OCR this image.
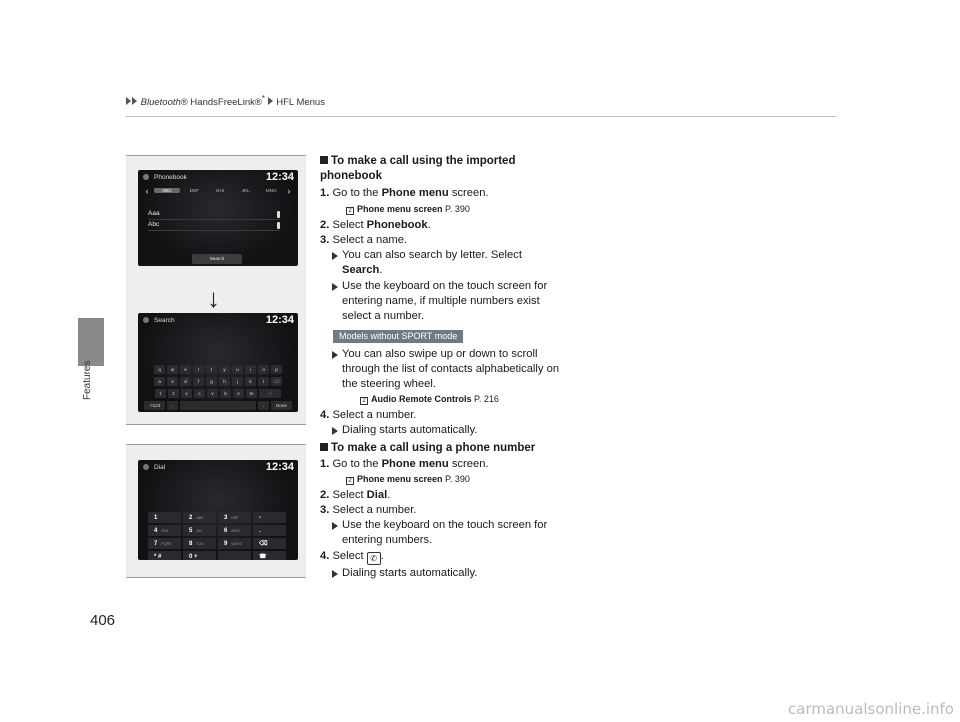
Bluetooth® HandsFreeLink®* HFL Menus
Features
406
Phonebook	12:34
‹	ABC	DEF	GHI	JKL	MNO	›
Aaa
Abc
Search
↓
Search	12:34
q	w	e	r	t	y	u	i	o	p
a	s	d	f	g	h	j	k	l	⌫
⇧	z	x	c	v	b	n	m	⏎
.?123	,	.	Done
Dial	12:34
1	2 ABC	3 DEF	-
4 GHI	5 JKL	6 MNO	.
7 PQRS	8 TUV	9 WXYZ	⌫
* #	0 +	☎
To make a call using the imported phonebook
1. Go to the Phone menu screen.
2 Phone menu screen P. 390
2. Select Phonebook.
3. Select a name.
You can also search by letter. Select Search.
Use the keyboard on the touch screen for entering name, if multiple numbers exist select a number.
Models without SPORT mode
You can also swipe up or down to scroll through the list of contacts alphabetically on the steering wheel.
2 Audio Remote Controls P. 216
4. Select a number.
Dialing starts automatically.
To make a call using a phone number
1. Go to the Phone menu screen.
2 Phone menu screen P. 390
2. Select Dial.
3. Select a number.
Use the keyboard on the touch screen for entering numbers.
4. Select ✆ .
Dialing starts automatically.
carmanualsonline.info
